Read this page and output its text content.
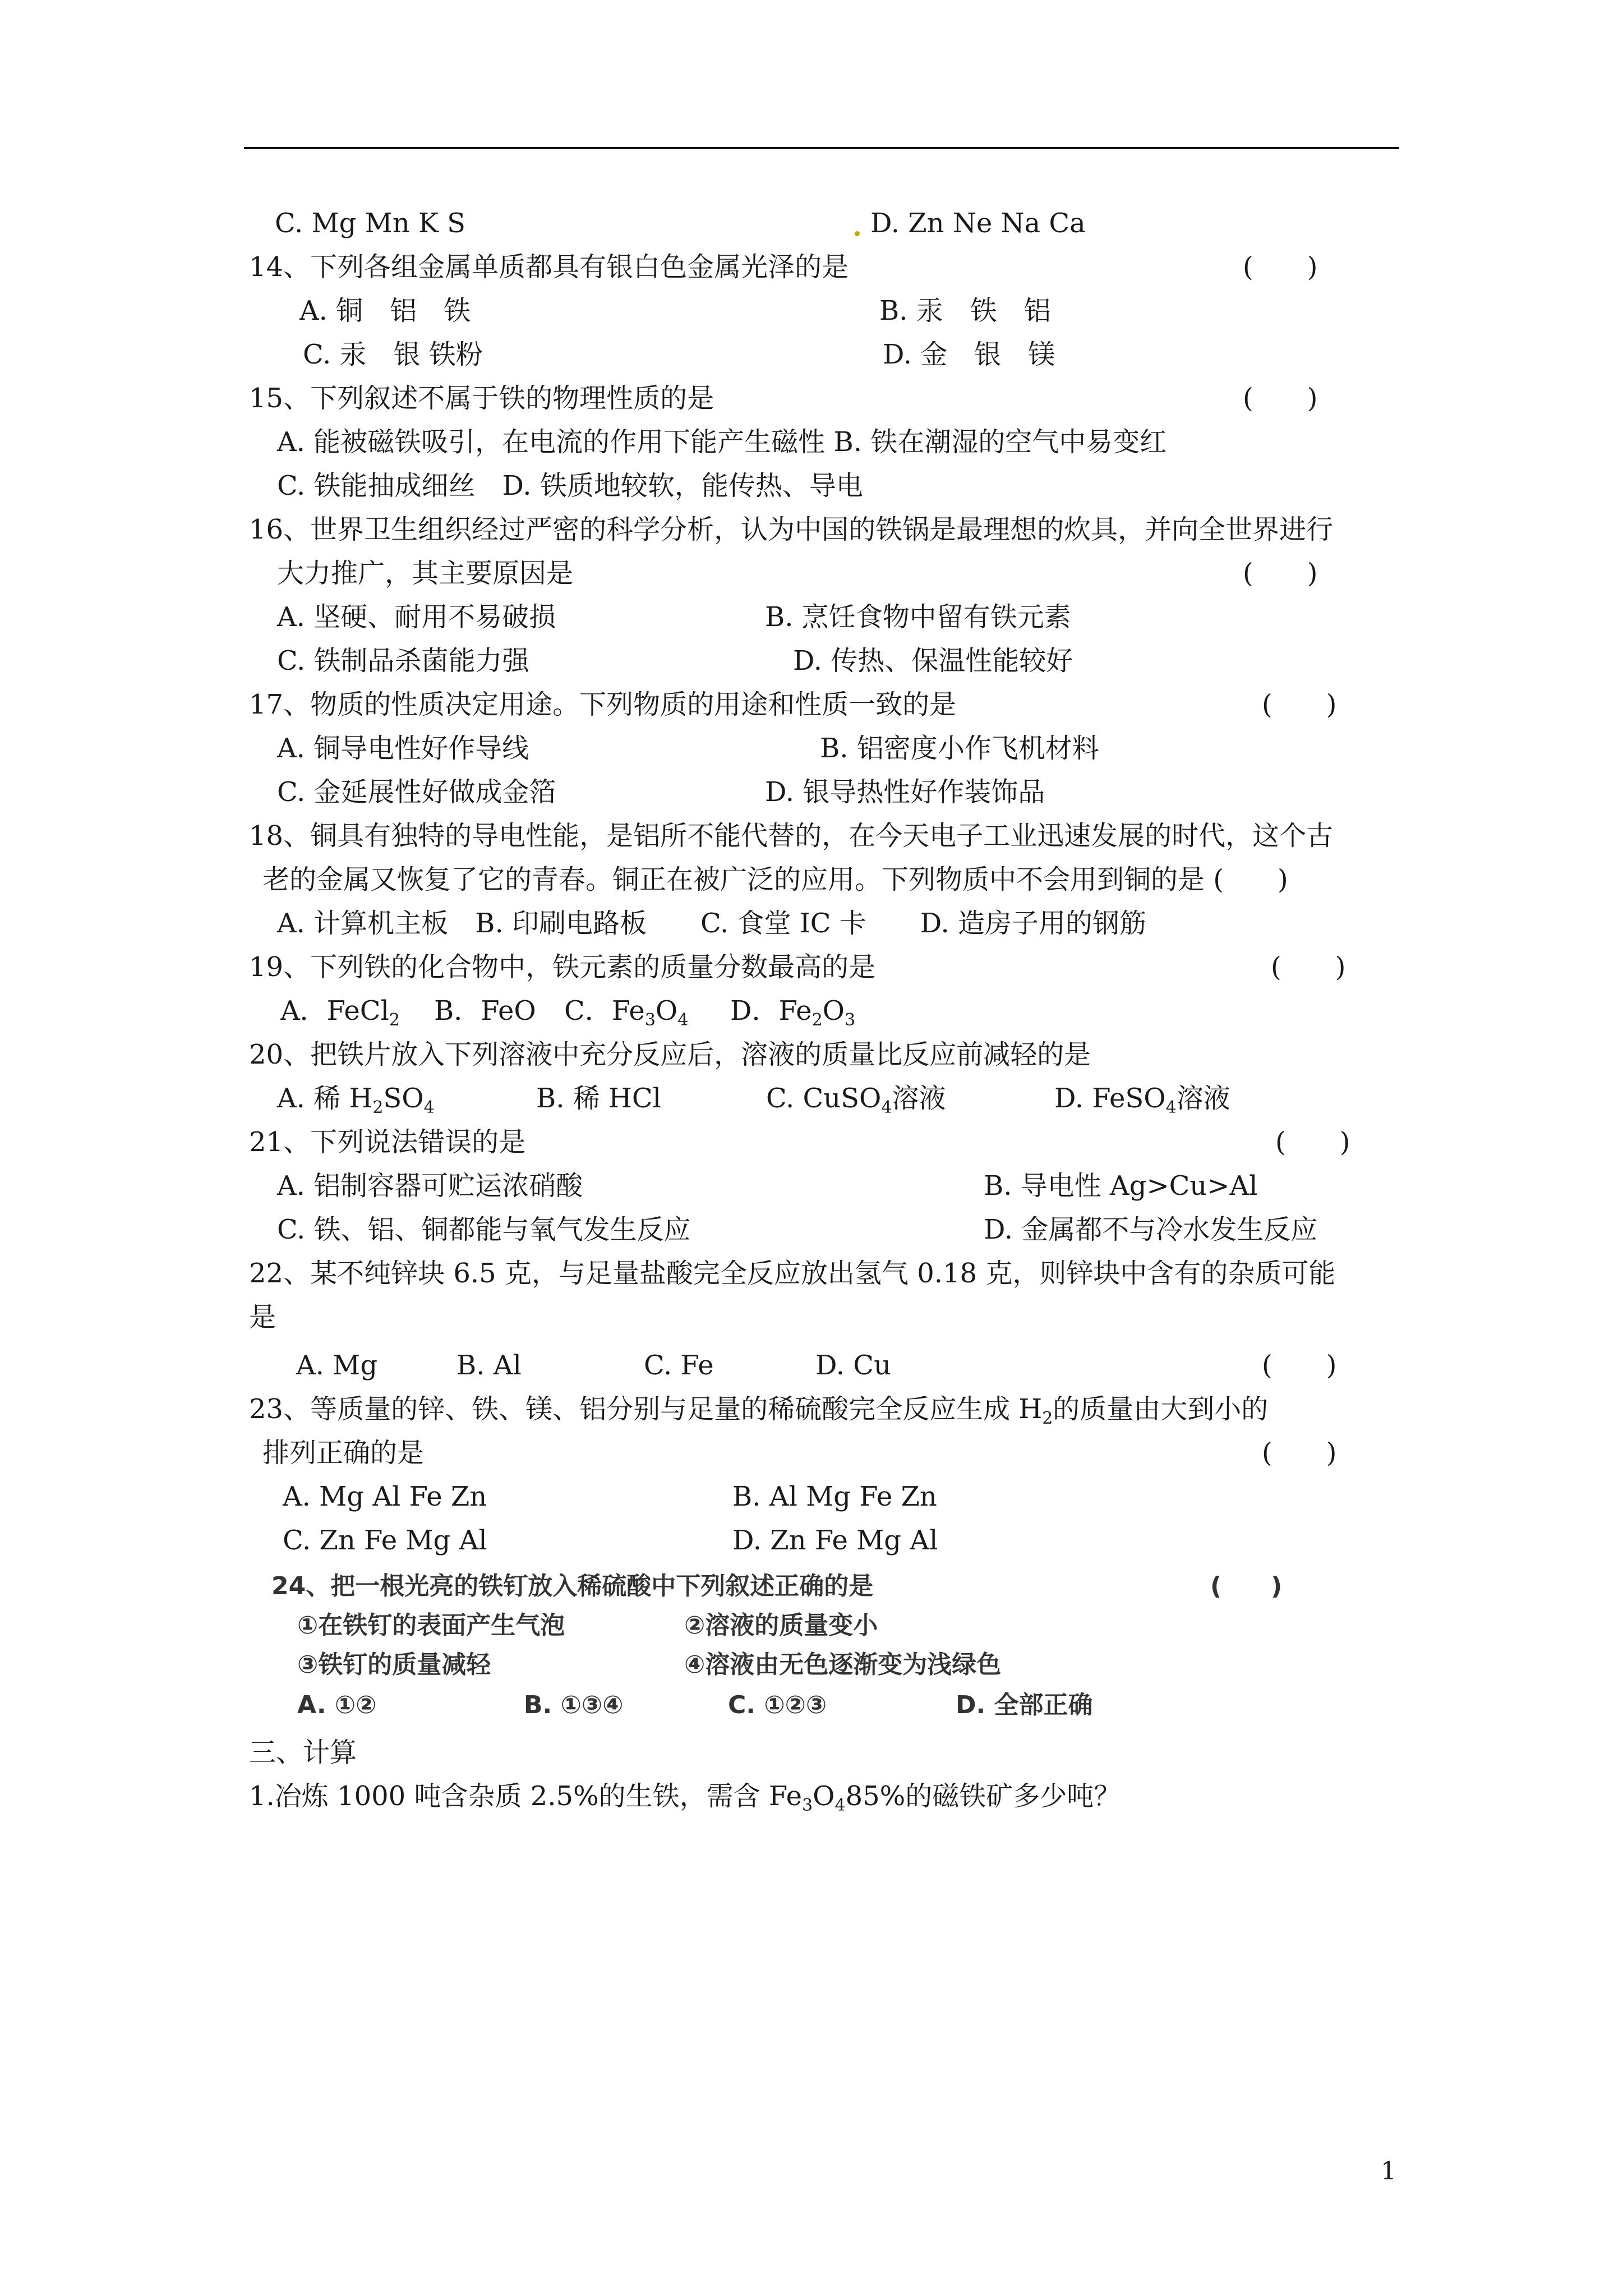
C. Mg Mn K S	D. Zn Ne Na Ca
14、下列各组金属单质都具有银白色金属光泽的是	(　　)
A. 铜　铝　铁	B. 汞　铁　铝
C. 汞　银 铁粉	D. 金　银　镁
15、下列叙述不属于铁的物理性质的是	(　　)
A. 能被磁铁吸引，在电流的作用下能产生磁性 B. 铁在潮湿的空气中易变红
C. 铁能抽成细丝　D. 铁质地较软，能传热、导电
16、世界卫生组织经过严密的科学分析，认为中国的铁锅是最理想的炊具，并向全世界进行
大力推广，其主要原因是	(　　)
A. 坚硬、耐用不易破损	B. 烹饪食物中留有铁元素
C. 铁制品杀菌能力强	D. 传热、保温性能较好
17、物质的性质决定用途。下列物质的用途和性质一致的是	(　　)
A. 铜导电性好作导线	B. 铝密度小作飞机材料
C. 金延展性好做成金箔	D. 银导热性好作装饰品
18、铜具有独特的导电性能，是铝所不能代替的，在今天电子工业迅速发展的时代，这个古
老的金属又恢复了它的青春。铜正在被广泛的应用。下列物质中不会用到铜的是 (　　)
A. 计算机主板　B. 印刷电路板　　C. 食堂 IC 卡　　D. 造房子用的钢筋
19、下列铁的化合物中，铁元素的质量分数最高的是	(　　)
A．FeCl$_2$ B．FeO C．$Fe_3O_4$ D．$Fe_2O_3$
20、把铁片放入下列溶液中充分反应后，溶液的质量比反应前减轻的是
A. 稀 $H_2SO_4$	B. 稀 HCl	C. CuSO$_4$溶液	D. FeSO$_4$溶液
21、下列说法错误的是	(　　)
A. 铝制容器可贮运浓硝酸	B. 导电性 Ag>Cu>Al
C. 铁、铝、铜都能与氧气发生反应	D. 金属都不与冷水发生反应
22、某不纯锌块 6.5 克，与足量盐酸完全反应放出氢气 0.18 克，则锌块中含有的杂质可能
是
A. Mg	B. Al	C. Fe	D. Cu	(　　)
23、等质量的锌、铁、镁、铝分别与足量的稀硫酸完全反应生成 $H_2$的质量由大到小的
排列正确的是	(　　)
A. Mg Al Fe Zn	B. Al Mg Fe Zn
C. Zn Fe Mg Al	D. Zn Fe Mg Al
24、把一根光亮的铁钉放入稀硫酸中下列叙述正确的是	(　　)
①在铁钉的表面产生气泡	②溶液的质量变小
③铁钉的质量减轻	④溶液由无色逐渐变为浅绿色
A. ①②	B. ①③④	C. ①②③	D. 全部正确
三、计算
1.冶炼 1000 吨含杂质 2.5%的生铁，需含 $Fe_3O_485\%$的磁铁矿多少吨？
1
